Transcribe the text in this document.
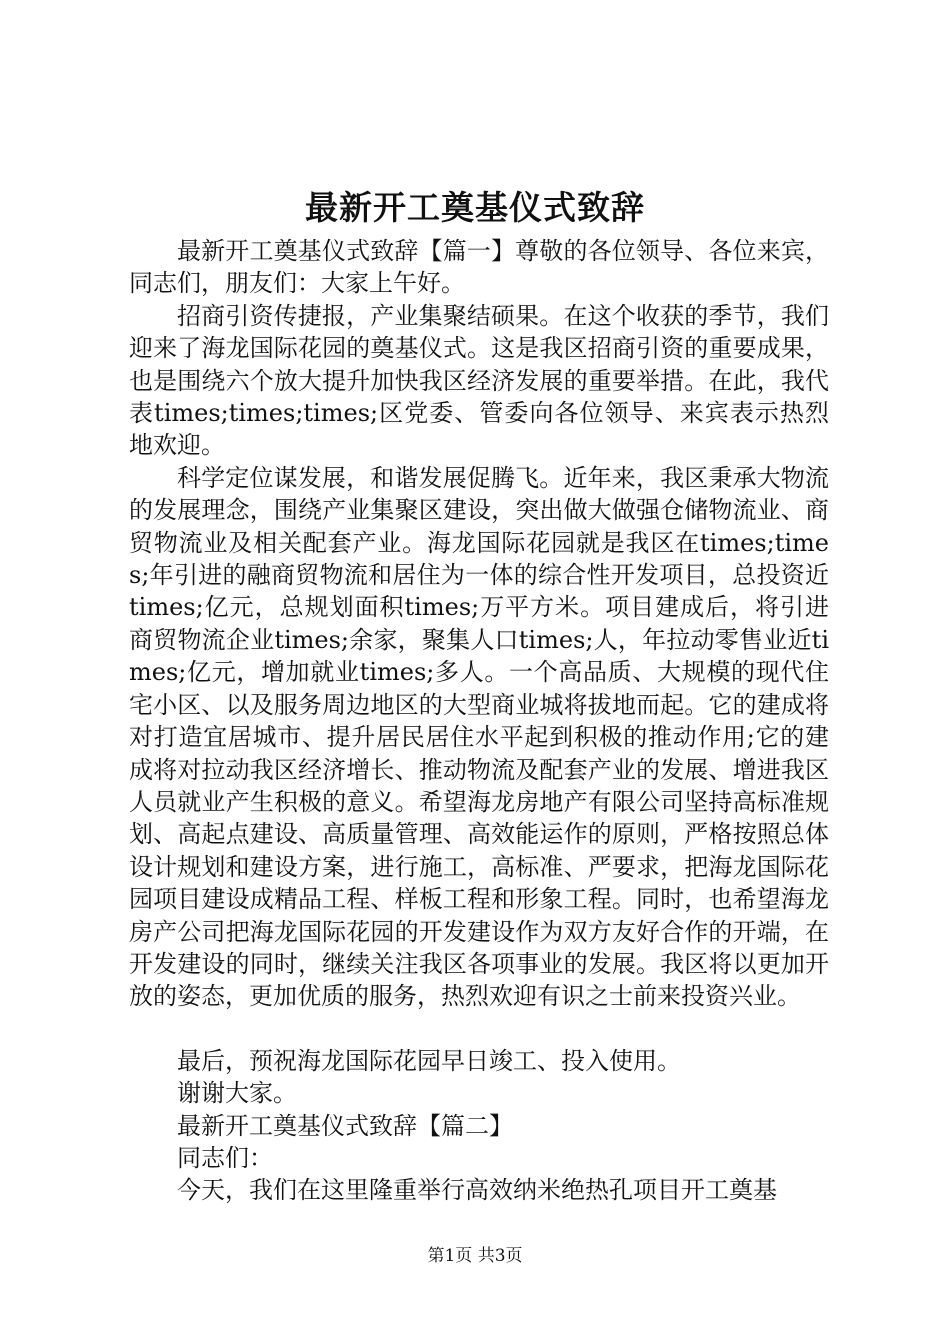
最新开工奠基仪式致辞

最新开工奠基仪式致辞【篇一】尊敬的各位领导、各位来宾，同志们，朋友们：大家上午好。

招商引资传捷报，产业集聚结硕果。在这个收获的季节，我们迎来了海龙国际花园的奠基仪式。这是我区招商引资的重要成果，也是围绕六个放大提升加快我区经济发展的重要举措。在此，我代表times;times;times;区党委、管委向各位领导、来宾表示热烈地欢迎。

科学定位谋发展，和谐发展促腾飞。近年来，我区秉承大物流的发展理念，围绕产业集聚区建设，突出做大做强仓储物流业、商贸物流业及相关配套产业。海龙国际花园就是我区在times;times;年引进的融商贸物流和居住为一体的综合性开发项目，总投资近times;亿元，总规划面积times;万平方米。项目建成后，将引进商贸物流企业times;余家，聚集人口times;人，年拉动零售业近times;亿元，增加就业times;多人。一个高品质、大规模的现代住宅小区、以及服务周边地区的大型商业城将拔地而起。它的建成将对打造宜居城市、提升居民居住水平起到积极的推动作用;它的建成将对拉动我区经济增长、推动物流及配套产业的发展、增进我区人员就业产生积极的意义。希望海龙房地产有限公司坚持高标准规划、高起点建设、高质量管理、高效能运作的原则，严格按照总体设计规划和建设方案，进行施工，高标准、严要求，把海龙国际花园项目建设成精品工程、样板工程和形象工程。同时，也希望海龙房产公司把海龙国际花园的开发建设作为双方友好合作的开端，在开发建设的同时，继续关注我区各项事业的发展。我区将以更加开放的姿态，更加优质的服务，热烈欢迎有识之士前来投资兴业。

最后，预祝海龙国际花园早日竣工、投入使用。

谢谢大家。

最新开工奠基仪式致辞【篇二】

同志们：

今天，我们在这里隆重举行高效纳米绝热孔项目开工奠基

第1页 共3页
